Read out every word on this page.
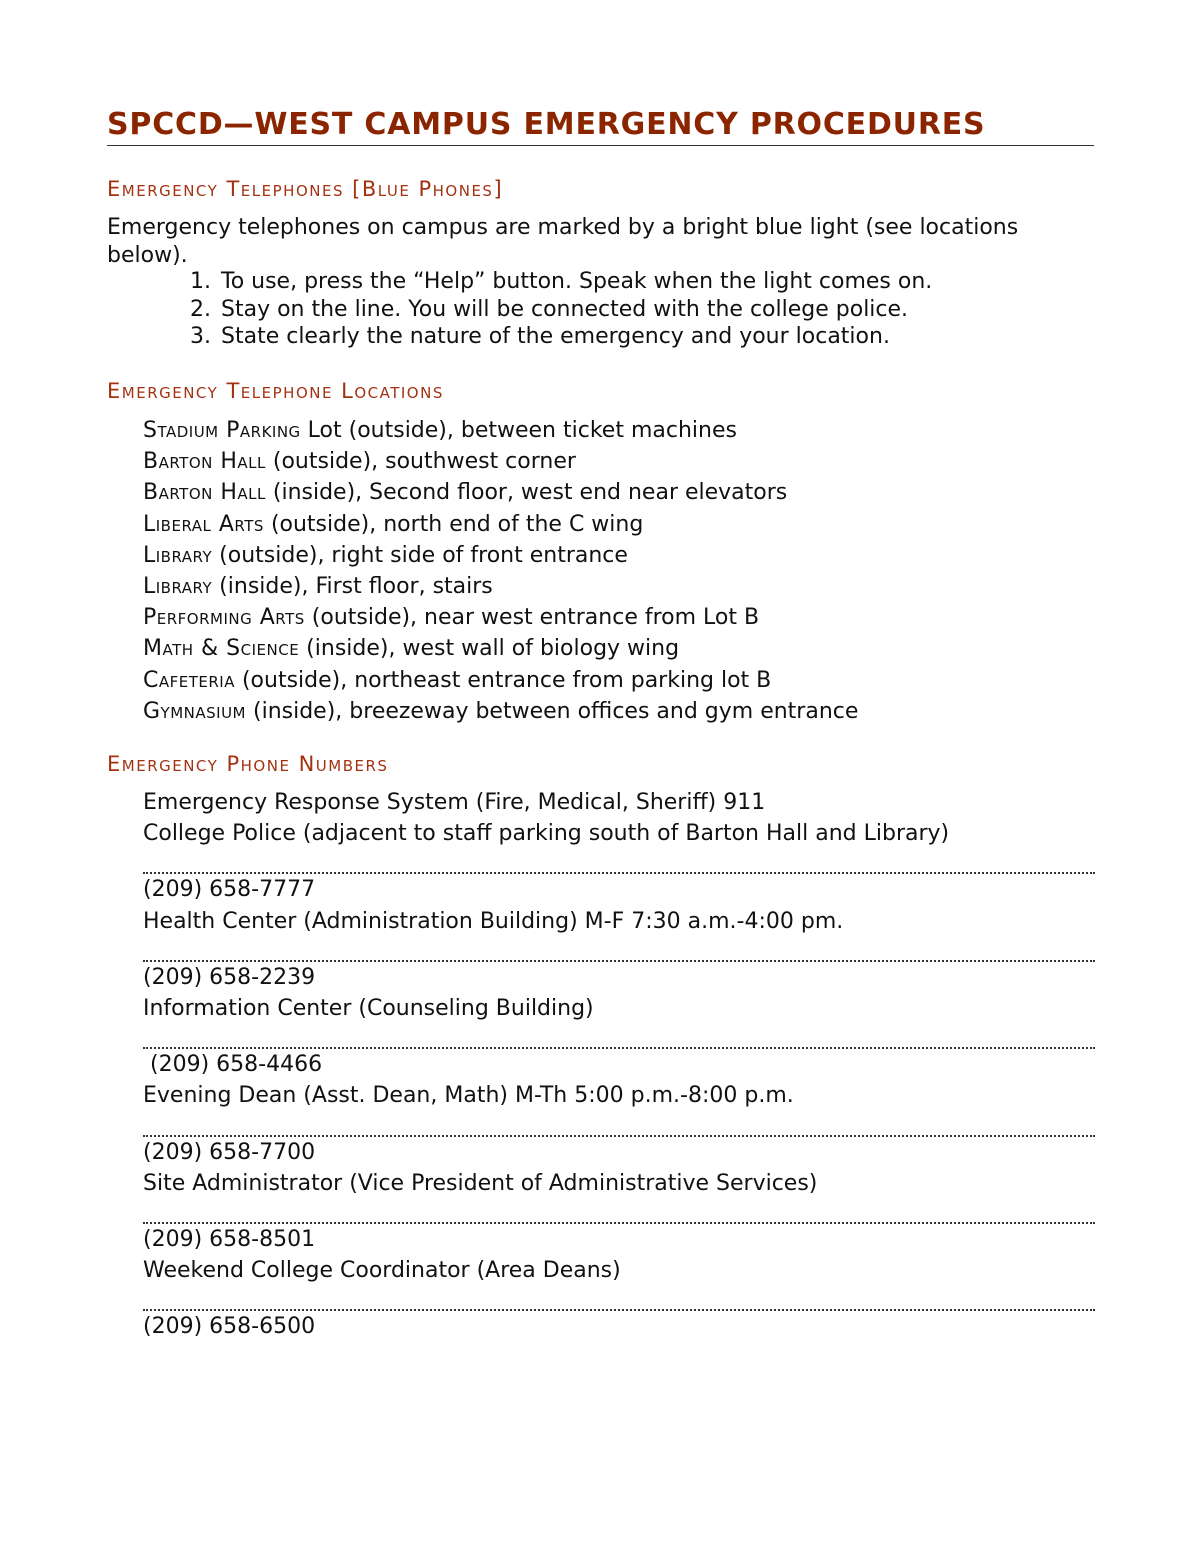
SPCCD—WEST CAMPUS EMERGENCY PROCEDURES
Emergency Telephones [Blue Phones]
Emergency telephones on campus are marked by a bright blue light (see locations below).
1. To use, press the “Help” button. Speak when the light comes on.
2. Stay on the line. You will be connected with the college police.
3. State clearly the nature of the emergency and your location.
Emergency Telephone Locations
Stadium Parking Lot (outside), between ticket machines
Barton Hall (outside), southwest corner
Barton Hall (inside), Second floor, west end near elevators
Liberal Arts (outside), north end of the C wing
Library (outside), right side of front entrance
Library (inside), First floor, stairs
Performing Arts (outside), near west entrance from Lot B
Math & Science (inside), west wall of biology wing
Cafeteria (outside), northeast entrance from parking lot B
Gymnasium (inside), breezeway between offices and gym entrance
Emergency Phone Numbers
Emergency Response System (Fire, Medical, Sheriff) 911
College Police (adjacent to staff parking south of Barton Hall and Library)
(209) 658-7777
Health Center (Administration Building) M-F 7:30 a.m.-4:00 pm.
(209) 658-2239
Information Center (Counseling Building)
(209) 658-4466
Evening Dean (Asst. Dean, Math) M-Th 5:00 p.m.-8:00 p.m.
(209) 658-7700
Site Administrator (Vice President of Administrative Services)
(209) 658-8501
Weekend College Coordinator (Area Deans)
(209) 658-6500
